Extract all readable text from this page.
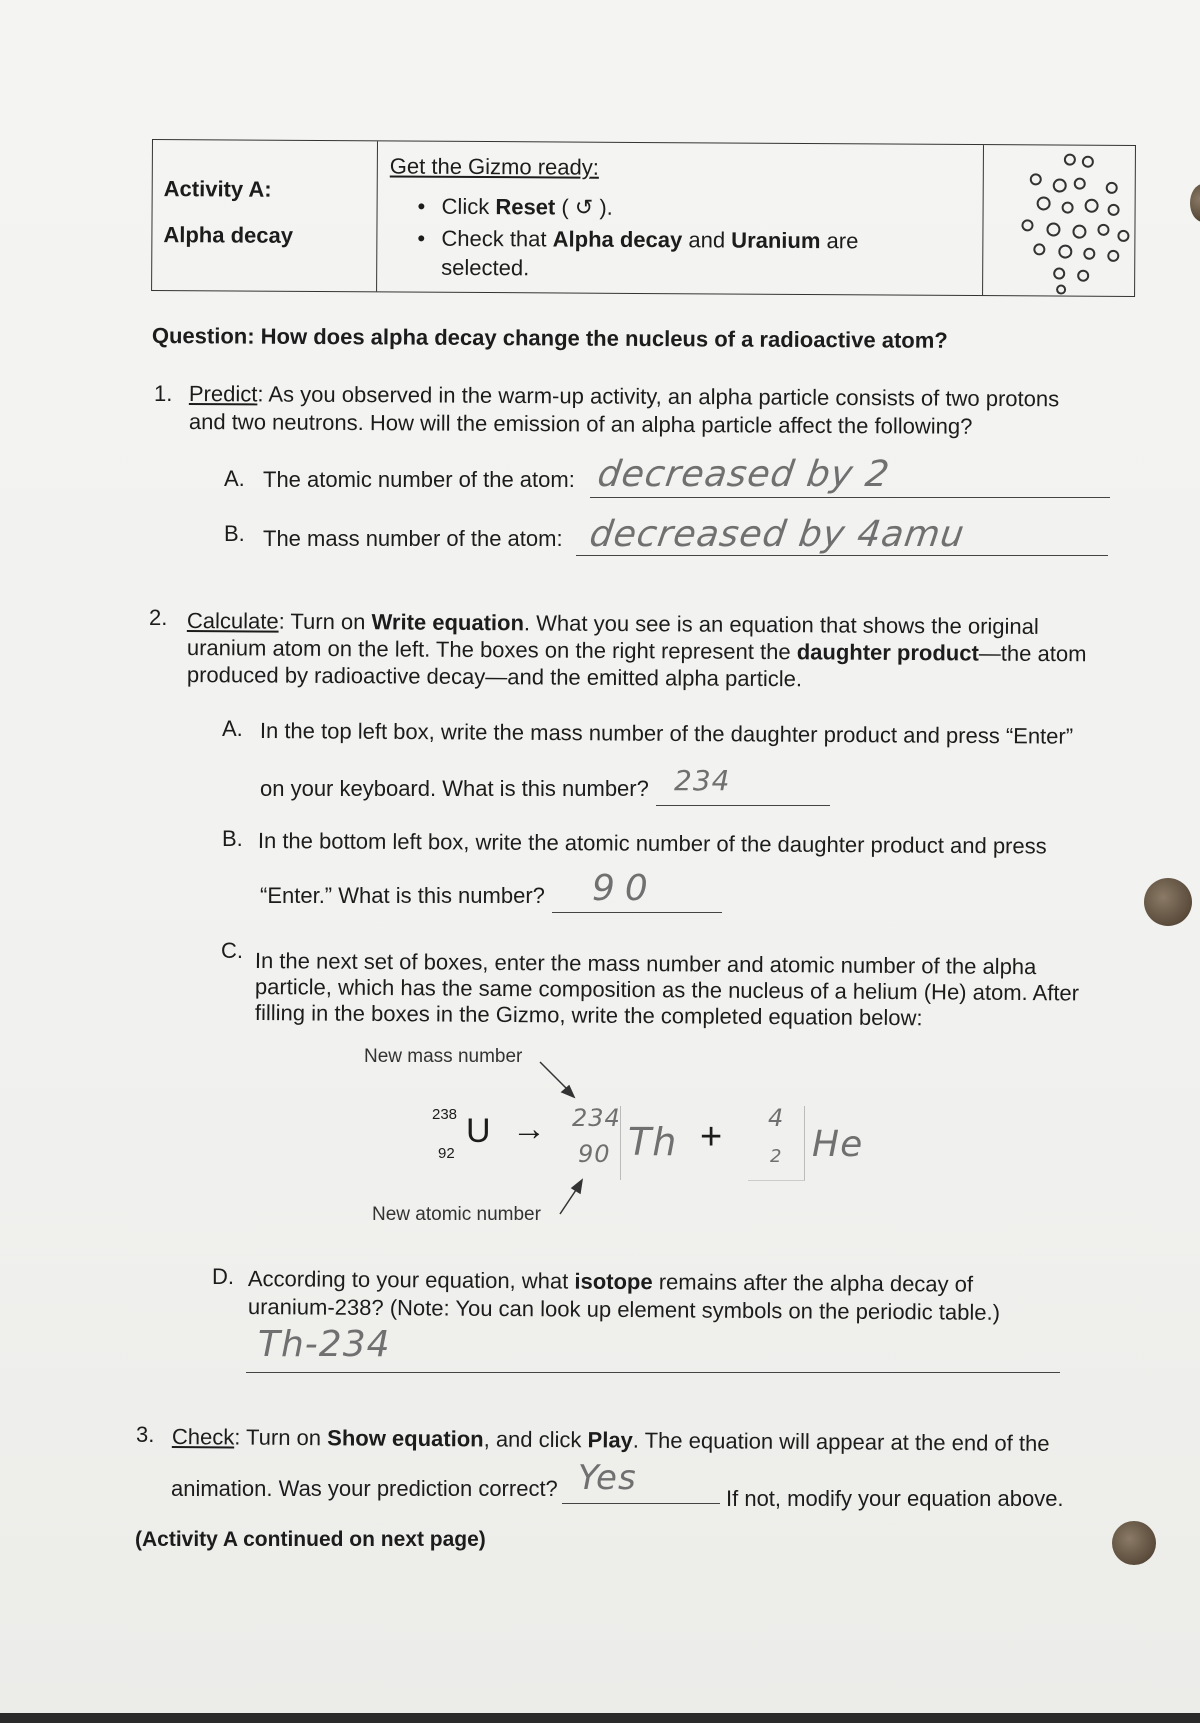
Activity A:
Alpha decay
Get the Gizmo ready:
• Click Reset ( ↺ ).
• Check that Alpha decay and Uranium are
selected.
Question: How does alpha decay change the nucleus of a radioactive atom?
1. Predict: As you observed in the warm-up activity, an alpha particle consists of two protons
and two neutrons. How will the emission of an alpha particle affect the following?
A. The atomic number of the atom: decreased by 2
B. The mass number of the atom: decreased by 4amu
2. Calculate: Turn on Write equation. What you see is an equation that shows the original
uranium atom on the left. The boxes on the right represent the daughter product—the atom
produced by radioactive decay—and the emitted alpha particle.
A. In the top left box, write the mass number of the daughter product and press “Enter”
on your keyboard. What is this number? 234
B. In the bottom left box, write the atomic number of the daughter product and press
“Enter.” What is this number? 90
C. In the next set of boxes, enter the mass number and atomic number of the alpha
particle, which has the same composition as the nucleus of a helium (He) atom. After
filling in the boxes in the Gizmo, write the completed equation below:
New mass number
New atomic number
238
92
U → 234
90 Th + 4
2 He
D. According to your equation, what isotope remains after the alpha decay of
uranium-238? (Note: You can look up element symbols on the periodic table.)
Th-234
3. Check: Turn on Show equation, and click Play. The equation will appear at the end of the
animation. Was your prediction correct? Yes
If not, modify your equation above.
(Activity A continued on next page)
